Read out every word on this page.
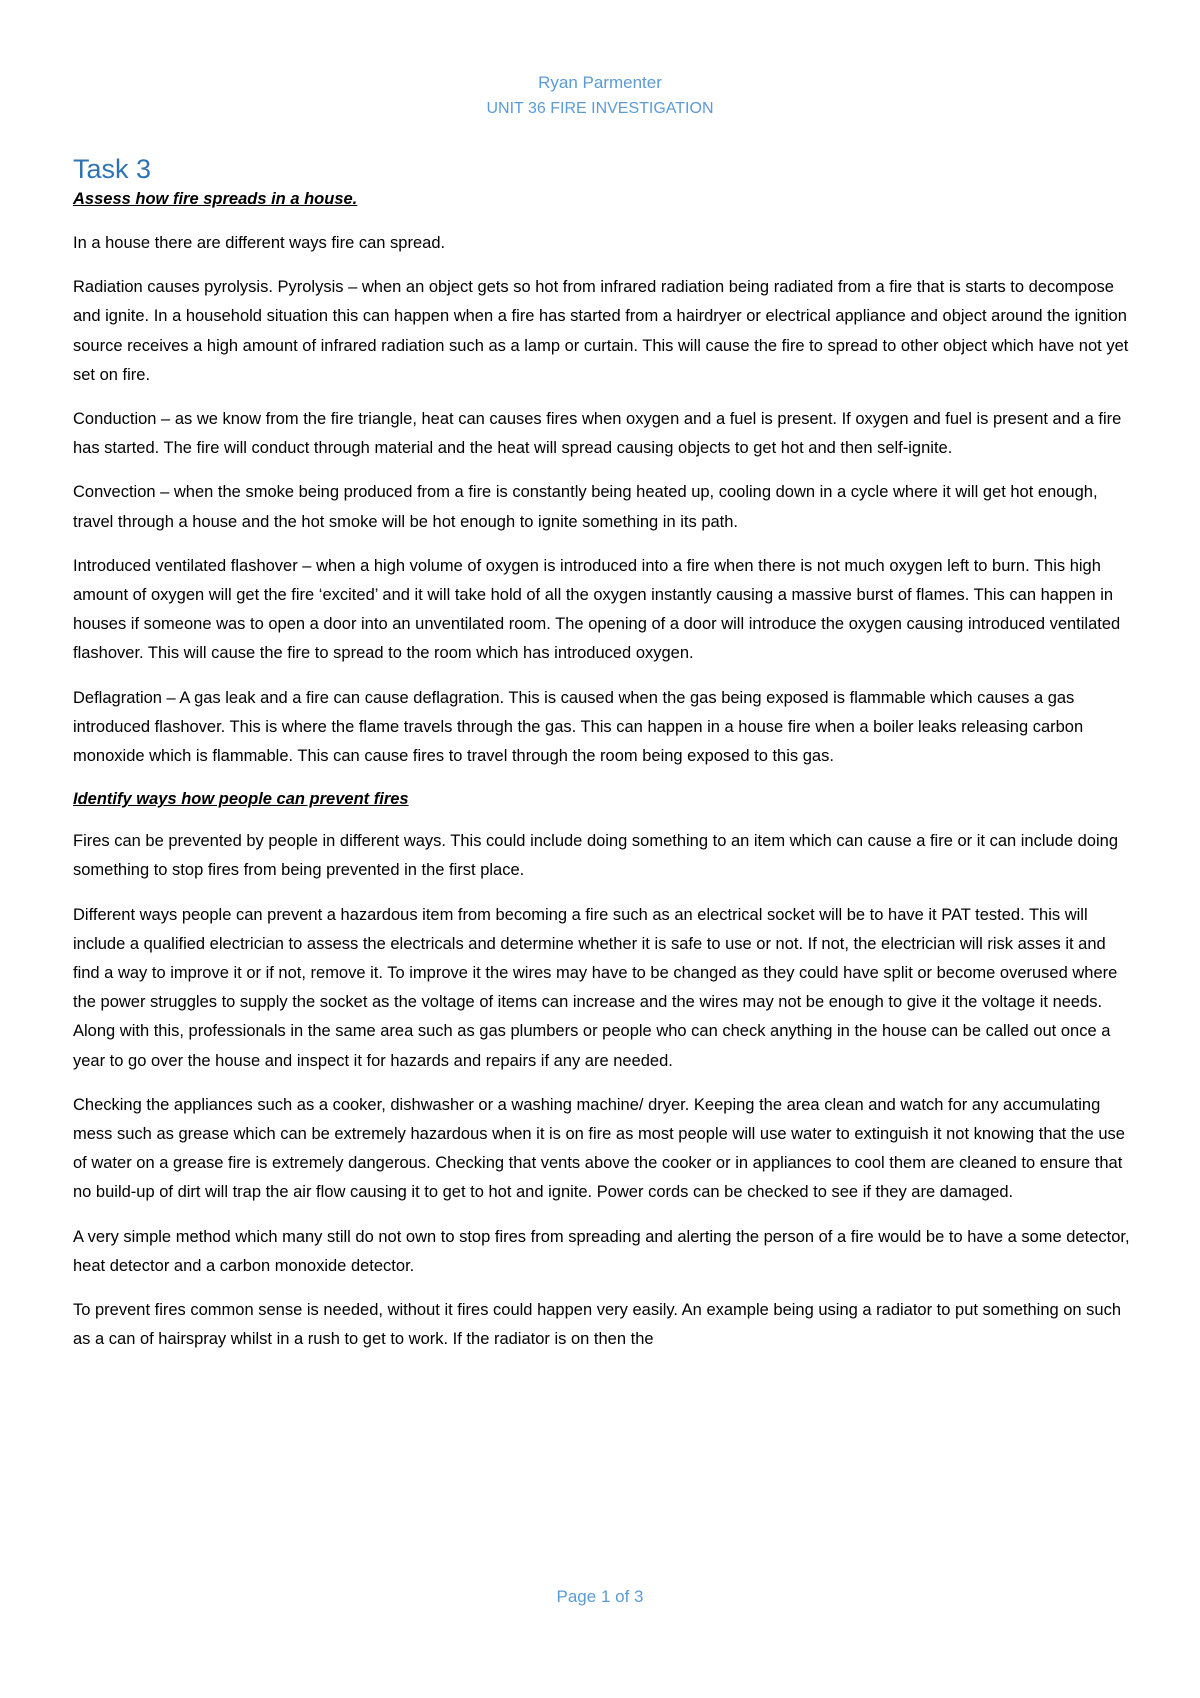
Ryan Parmenter
UNIT 36 FIRE INVESTIGATION
Task 3
Assess how fire spreads in a house.

In a house there are different ways fire can spread.

Radiation causes pyrolysis. Pyrolysis – when an object gets so hot from infrared radiation being radiated from a fire that is starts to decompose and ignite. In a household situation this can happen when a fire has started from a hairdryer or electrical appliance and object around the ignition source receives a high amount of infrared radiation such as a lamp or curtain. This will cause the fire to spread to other object which have not yet set on fire.

Conduction – as we know from the fire triangle, heat can causes fires when oxygen and a fuel is present. If oxygen and fuel is present and a fire has started. The fire will conduct through material and the heat will spread causing objects to get hot and then self-ignite.

Convection – when the smoke being produced from a fire is constantly being heated up, cooling down in a cycle where it will get hot enough, travel through a house and the hot smoke will be hot enough to ignite something in its path.

Introduced ventilated flashover – when a high volume of oxygen is introduced into a fire when there is not much oxygen left to burn. This high amount of oxygen will get the fire ‘excited’ and it will take hold of all the oxygen instantly causing a massive burst of flames. This can happen in houses if someone was to open a door into an unventilated room. The opening of a door will introduce the oxygen causing introduced ventilated flashover. This will cause the fire to spread to the room which has introduced oxygen.

Deflagration – A gas leak and a fire can cause deflagration. This is caused when the gas being exposed is flammable which causes a gas introduced flashover. This is where the flame travels through the gas. This can happen in a house fire when a boiler leaks releasing carbon monoxide which is flammable. This can cause fires to travel through the room being exposed to this gas.

Identify ways how people can prevent fires

Fires can be prevented by people in different ways. This could include doing something to an item which can cause a fire or it can include doing something to stop fires from being prevented in the first place.

Different ways people can prevent a hazardous item from becoming a fire such as an electrical socket will be to have it PAT tested. This will include a qualified electrician to assess the electricals and determine whether it is safe to use or not. If not, the electrician will risk asses it and find a way to improve it or if not, remove it. To improve it the wires may have to be changed as they could have split or become overused where the power struggles to supply the socket as the voltage of items can increase and the wires may not be enough to give it the voltage it needs. Along with this, professionals in the same area such as gas plumbers or people who can check anything in the house can be called out once a year to go over the house and inspect it for hazards and repairs if any are needed.

Checking the appliances such as a cooker, dishwasher or a washing machine/ dryer. Keeping the area clean and watch for any accumulating mess such as grease which can be extremely hazardous when it is on fire as most people will use water to extinguish it not knowing that the use of water on a grease fire is extremely dangerous. Checking that vents above the cooker or in appliances to cool them are cleaned to ensure that no build-up of dirt will trap the air flow causing it to get to hot and ignite. Power cords can be checked to see if they are damaged.

A very simple method which many still do not own to stop fires from spreading and alerting the person of a fire would be to have a some detector, heat detector and a carbon monoxide detector.

To prevent fires common sense is needed, without it fires could happen very easily. An example being using a radiator to put something on such as a can of hairspray whilst in a rush to get to work. If the radiator is on then the

Page 1 of 3
